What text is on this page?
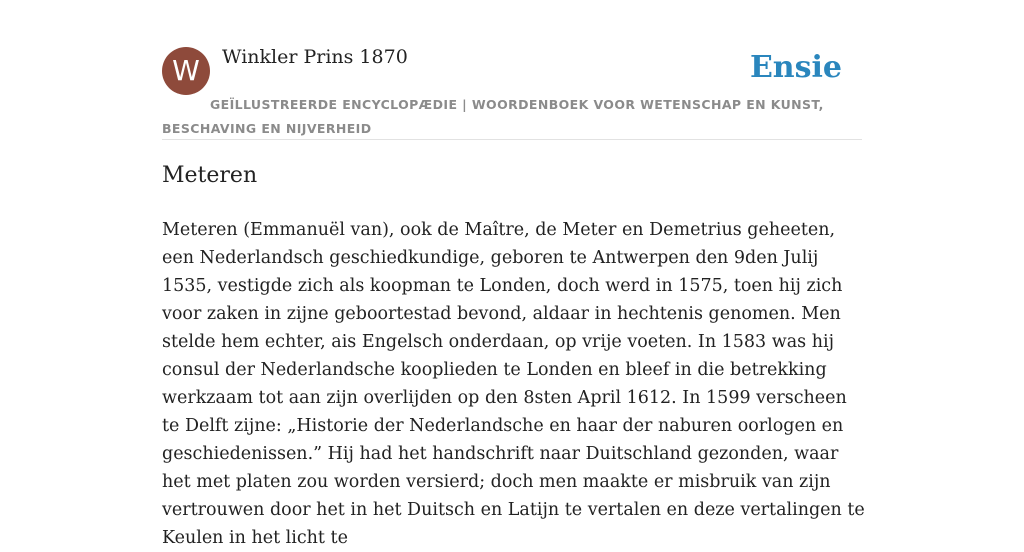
W	Winkler Prins 1870	Ensie
GEÏLLUSTREERDE ENCYCLOPÆDIE | WOORDENBOEK VOOR WETENSCHAP EN KUNST, BESCHAVING EN NIJVERHEID
Meteren

Meteren (Emmanuël van), ook de Maître, de Meter en Demetrius geheeten, een Nederlandsch geschiedkundige, geboren te Antwerpen den 9den Julij 1535, vestigde zich als koopman te Londen, doch werd in 1575, toen hij zich voor zaken in zijne geboortestad bevond, aldaar in hechtenis genomen. Men stelde hem echter, ais Engelsch onderdaan, op vrije voeten. In 1583 was hij consul der Nederlandsche kooplieden te Londen en bleef in die betrekking werkzaam tot aan zijn overlijden op den 8sten April 1612. In 1599 verscheen te Delft zijne: „Historie der Nederlandsche en haar der naburen oorlogen en geschiedenissen.” Hij had het handschrift naar Duitschland gezonden, waar het met platen zou worden versierd; doch men maakte er misbruik van zijn vertrouwen door het in het Duitsch en Latijn te vertalen en deze vertalingen te Keulen in het licht te
